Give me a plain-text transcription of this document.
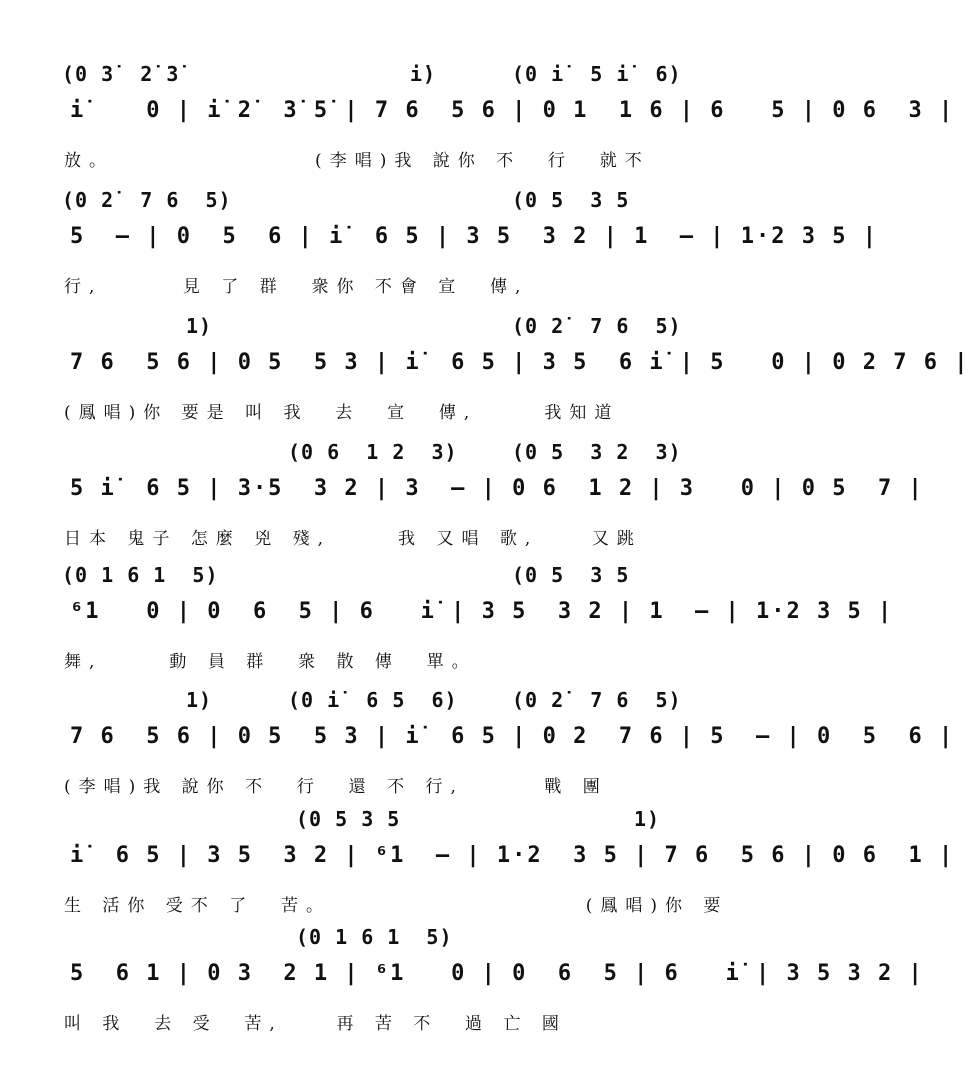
(0 3̇  2̇ 3̇	i̇)	(0 i̇  5 i̇  6)
i̇    0 | i̇ 2̇  3̇ 5̇ | 7 6  5 6 | 0 1  1 6 | 6   5 | 0 6  3 |
放。               (李唱)我 說你 不  行  就不
(0 2̇  7 6  5)	(0 5  3 5
5  — | 0  5  6 | i̇  6 5 | 3 5  3 2 | 1  — | 1·2 3 5 |
行,      見 了 群  衆你 不會 宣  傳,
1)	(0 2̇  7 6  5)
7 6  5 6 | 0 5  5 3 | i̇  6 5 | 3 5  6 i̇ | 5   0 | 0 2 7 6 |
(鳳唱)你 要是 叫 我  去  宣  傳,     我知道
(0 6  1 2  3)	(0 5  3 2  3)
5 i̇  6 5 | 3·5  3 2 | 3  — | 0 6  1 2 | 3   0 | 0 5  7 |
日本 鬼子 怎麼 兇 殘,     我 又唱 歌,    又跳
(0 1 6 1  5)	(0 5  3 5
⁶1   0 | 0  6  5 | 6   i̇ | 3 5  3 2 | 1  — | 1·2 3 5 |
舞,     動 員 群  衆 散 傳  單。
1)	(0 i̇  6 5  6)	(0 2̇  7 6  5)
7 6  5 6 | 0 5  5 3 | i̇  6 5 | 0 2  7 6 | 5  — | 0  5  6 |
(李唱)我 說你 不  行  還 不 行,      戰 團
(0 5 3 5	1)
i̇  6 5 | 3 5  3 2 | ⁶1  — | 1·2  3 5 | 7 6  5 6 | 0 6  1 |
生 活你 受不 了  苦。                   (鳳唱)你 要
(0 1 6 1  5)
5  6 1 | 0 3  2 1 | ⁶1   0 | 0  6  5 | 6   i̇ | 3 5 3 2 |
叫 我  去 受  苦,    再 苦 不  過 亡 國
